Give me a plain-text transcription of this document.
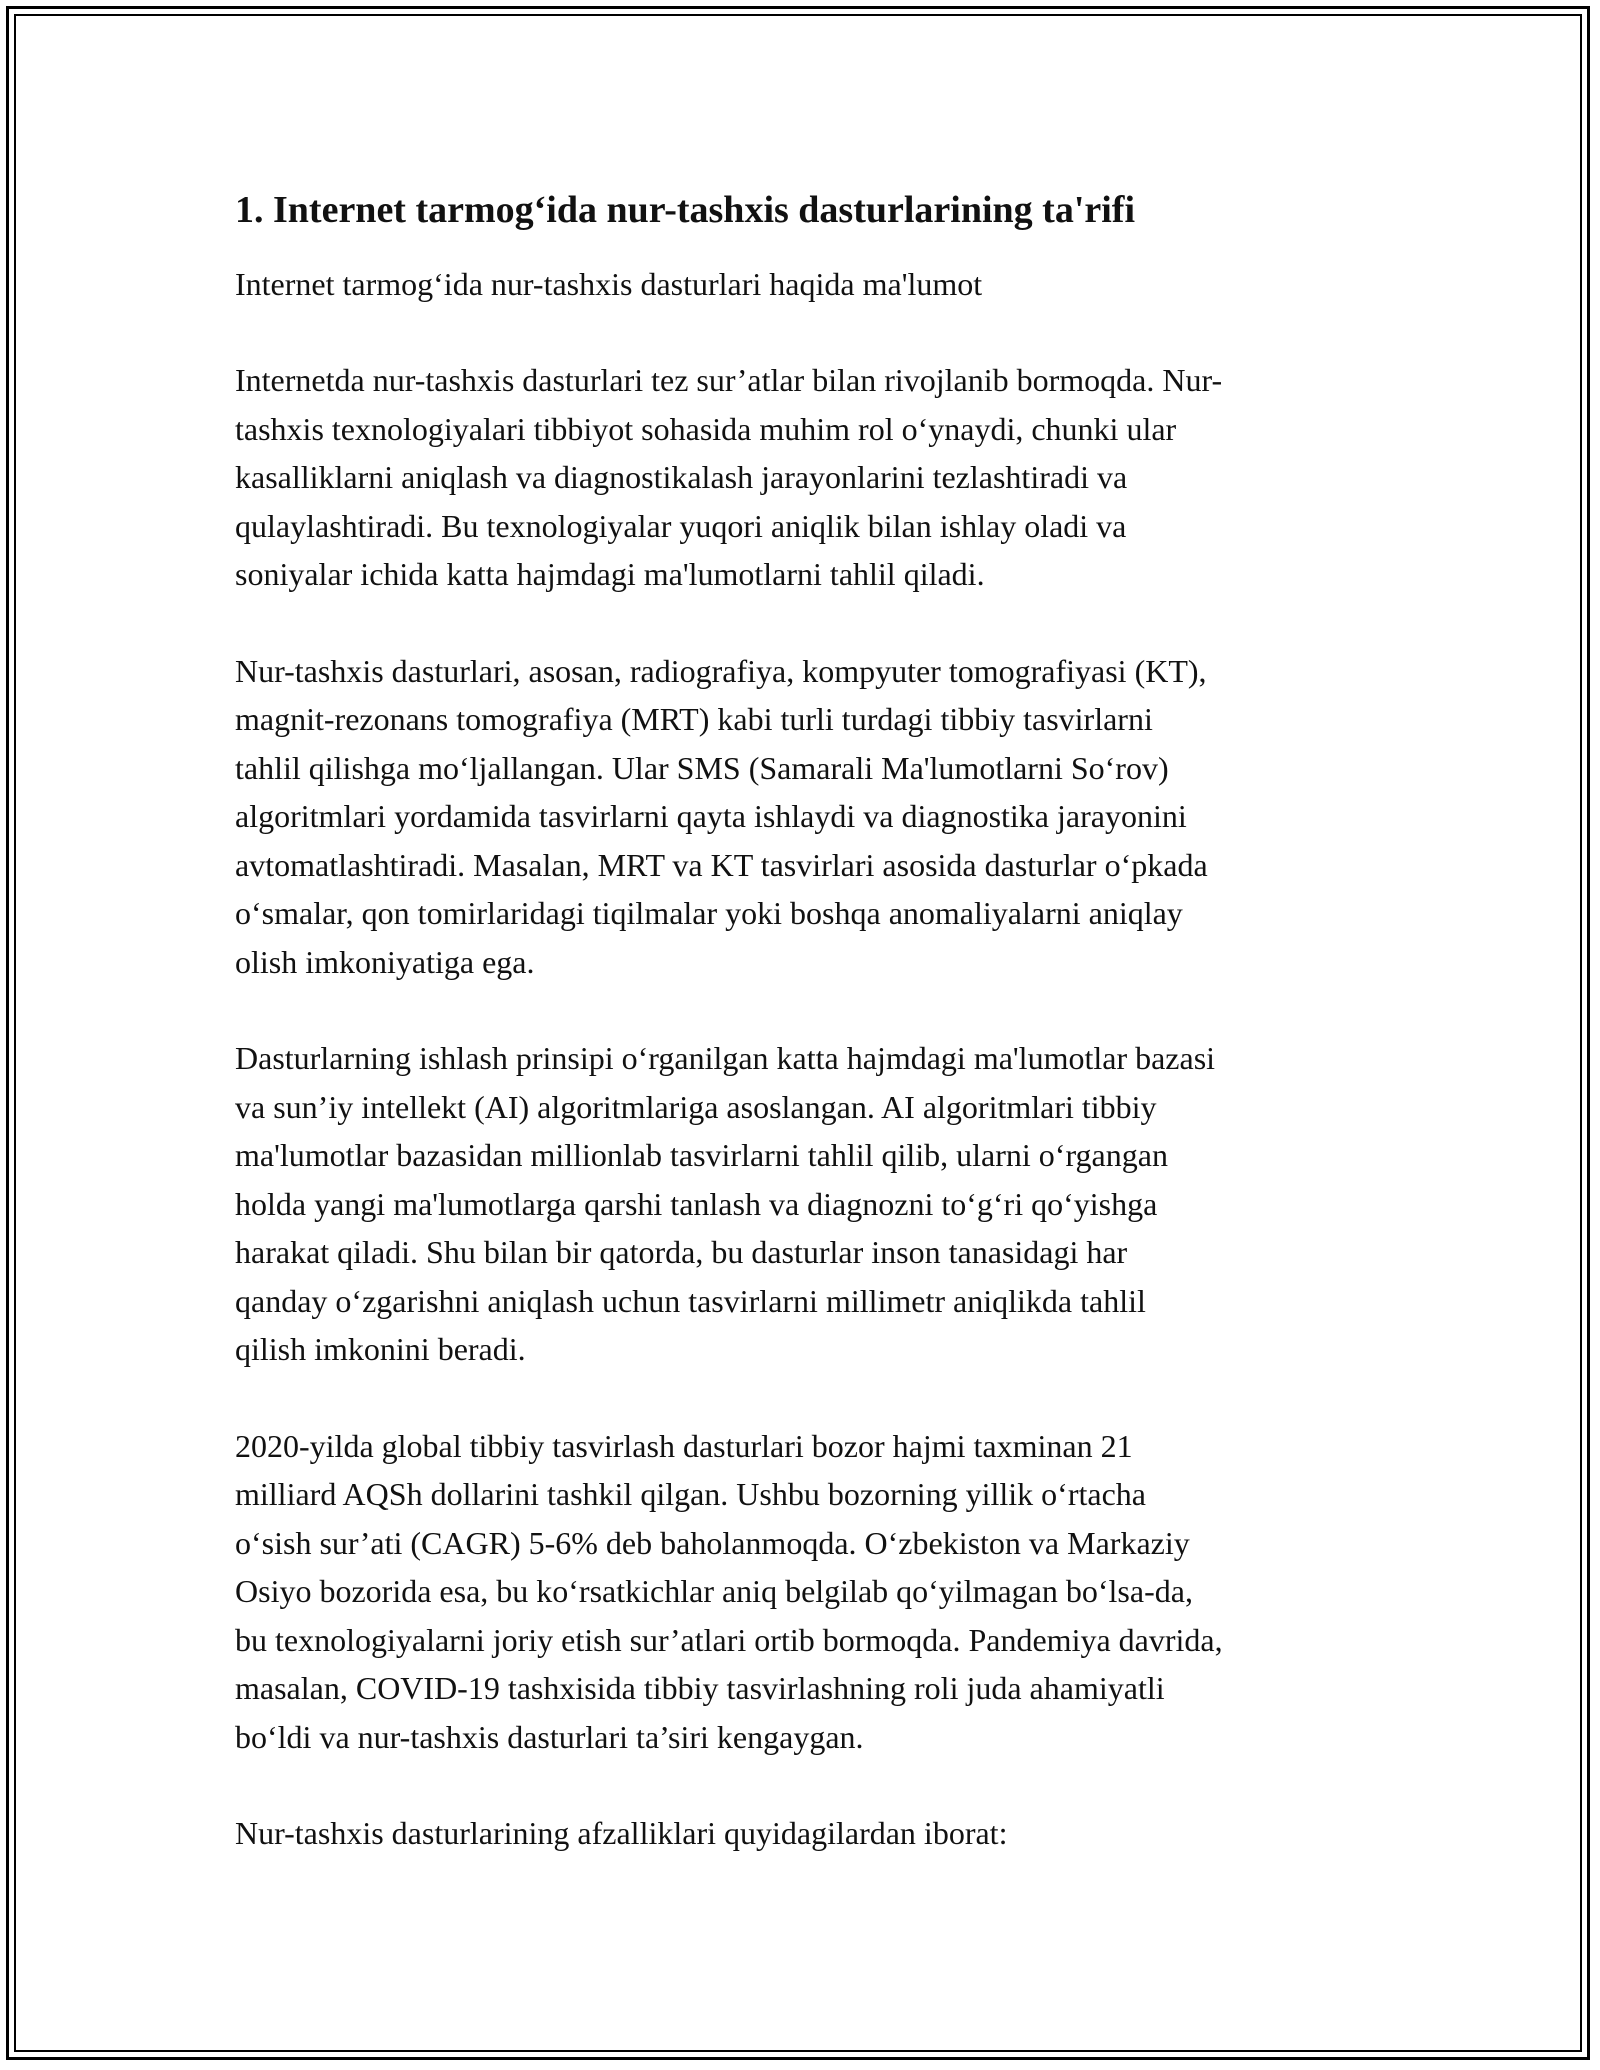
1. Internet tarmog‘ida nur-tashxis dasturlarining ta'rifi

Internet tarmog‘ida nur-tashxis dasturlari haqida ma'lumot

Internetda nur-tashxis dasturlari tez sur’atlar bilan rivojlanib bormoqda. Nur-
tashxis texnologiyalari tibbiyot sohasida muhim rol o‘ynaydi, chunki ular
kasalliklarni aniqlash va diagnostikalash jarayonlarini tezlashtiradi va
qulaylashtiradi. Bu texnologiyalar yuqori aniqlik bilan ishlay oladi va
soniyalar ichida katta hajmdagi ma'lumotlarni tahlil qiladi.

Nur-tashxis dasturlari, asosan, radiografiya, kompyuter tomografiyasi (KT),
magnit-rezonans tomografiya (MRT) kabi turli turdagi tibbiy tasvirlarni
tahlil qilishga mo‘ljallangan. Ular SMS (Samarali Ma'lumotlarni So‘rov)
algoritmlari yordamida tasvirlarni qayta ishlaydi va diagnostika jarayonini
avtomatlashtiradi. Masalan, MRT va KT tasvirlari asosida dasturlar o‘pkada
o‘smalar, qon tomirlaridagi tiqilmalar yoki boshqa anomaliyalarni aniqlay
olish imkoniyatiga ega.

Dasturlarning ishlash prinsipi o‘rganilgan katta hajmdagi ma'lumotlar bazasi
va sun’iy intellekt (AI) algoritmlariga asoslangan. AI algoritmlari tibbiy
ma'lumotlar bazasidan millionlab tasvirlarni tahlil qilib, ularni o‘rgangan
holda yangi ma'lumotlarga qarshi tanlash va diagnozni to‘g‘ri qo‘yishga
harakat qiladi. Shu bilan bir qatorda, bu dasturlar inson tanasidagi har
qanday o‘zgarishni aniqlash uchun tasvirlarni millimetr aniqlikda tahlil
qilish imkonini beradi.

2020-yilda global tibbiy tasvirlash dasturlari bozor hajmi taxminan 21
milliard AQSh dollarini tashkil qilgan. Ushbu bozorning yillik o‘rtacha
o‘sish sur’ati (CAGR) 5-6% deb baholanmoqda. O‘zbekiston va Markaziy
Osiyo bozorida esa, bu ko‘rsatkichlar aniq belgilab qo‘yilmagan bo‘lsa-da,
bu texnologiyalarni joriy etish sur’atlari ortib bormoqda. Pandemiya davrida,
masalan, COVID-19 tashxisida tibbiy tasvirlashning roli juda ahamiyatli
bo‘ldi va nur-tashxis dasturlari ta’siri kengaygan.

Nur-tashxis dasturlarining afzalliklari quyidagilardan iborat:
